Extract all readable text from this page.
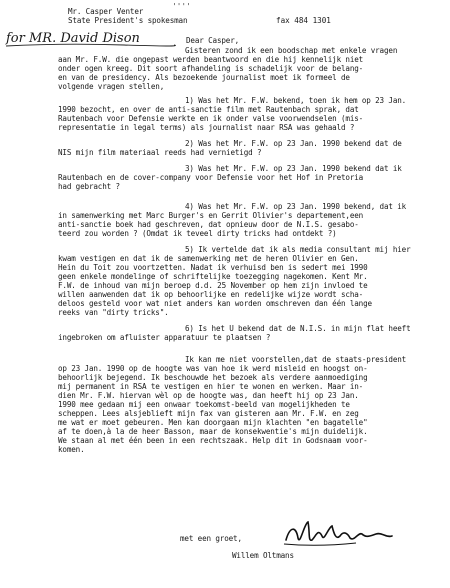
''''
Mr. Casper Venter
State President's spokesman	fax 484 1301
for MR. David Dison	Dear Casper,
Gisteren zond ik een boodschap met enkele vragen
aan Mr. F.W. die ongepast werden beantwoord en die hij kennelijk niet
onder ogen kreeg. Dit soort afhandeling is schadelijk voor de belang-
en van de presidency. Als bezoekende journalist moet ik formeel de
volgende vragen stellen,
1) Was het Mr. F.W. bekend, toen ik hem op 23 Jan.
1990 bezocht, en over de anti-sanctie film met Rautenbach sprak, dat
Rautenbach voor Defensie werkte en ik onder valse voorwendselen (mis-
representatie in legal terms) als journalist naar RSA was gehaald ?
2) Was het Mr. F.W. op 23 Jan. 1990 bekend dat de
NIS mijn film materiaal reeds had vernietigd ?
3) Was het Mr. F.W. op 23 Jan. 1990 bekend dat ik
Rautenbach en de cover-company voor Defensie voor het Hof in Pretoria
had gebracht ?
4) Was het Mr. F.W. op 23 Jan. 1990 bekend, dat ik
in samenwerking met Marc Burger's en Gerrit Olivier's departement,een
anti-sanctie boek had geschreven, dat opnieuw door de N.I.S. gesabo-
teerd zou worden ? (Omdat ik teveel dirty tricks had ontdekt ?)
5) Ik vertelde dat ik als media consultant mij hier
kwam vestigen en dat ik de samenwerking met de heren Olivier en Gen.
Hein du Toit zou voortzetten. Nadat ik verhuisd ben is sedert mei 1990
geen enkele mondelinge of schriftelijke toezegging nagekomen. Kent Mr.
F.W. de inhoud van mijn beroep d.d. 25 November op hem zijn invloed te
willen aanwenden dat ik op behoorlijke en redelijke wijze wordt scha-
deloos gesteld voor wat niet anders kan worden omschreven dan één lange
reeks van "dirty tricks".
6) Is het U bekend dat de N.I.S. in mijn flat heeft
ingebroken om afluister apparatuur te plaatsen ?
Ik kan me niet voorstellen,dat de staats-president
op 23 Jan. 1990 op de hoogte was van hoe ik werd misleid en hoogst on-
behoorlijk bejegend. Ik beschouwde het bezoek als verdere aanmoediging
mij permanent in RSA te vestigen en hier te wonen en werken. Maar in-
dien Mr. F.W. hiervan wèl op de hoogte was, dan heeft hij op 23 Jan.
1990 mee gedaan mij een onwaar toekomst-beeld van mogelijkheden te
scheppen. Lees alsjeblieft mijn fax van gisteren aan Mr. F.W. en zeg
me wat er moet gebeuren. Men kan doorgaan mijn klachten "en bagatelle"
af te doen,à la de heer Basson, maar de konsekwentie's mijn duidelijk.
We staan al met één been in een rechtszaak. Help dit in Godsnaam voor-
komen.
met een groet,
Willem Oltmans
